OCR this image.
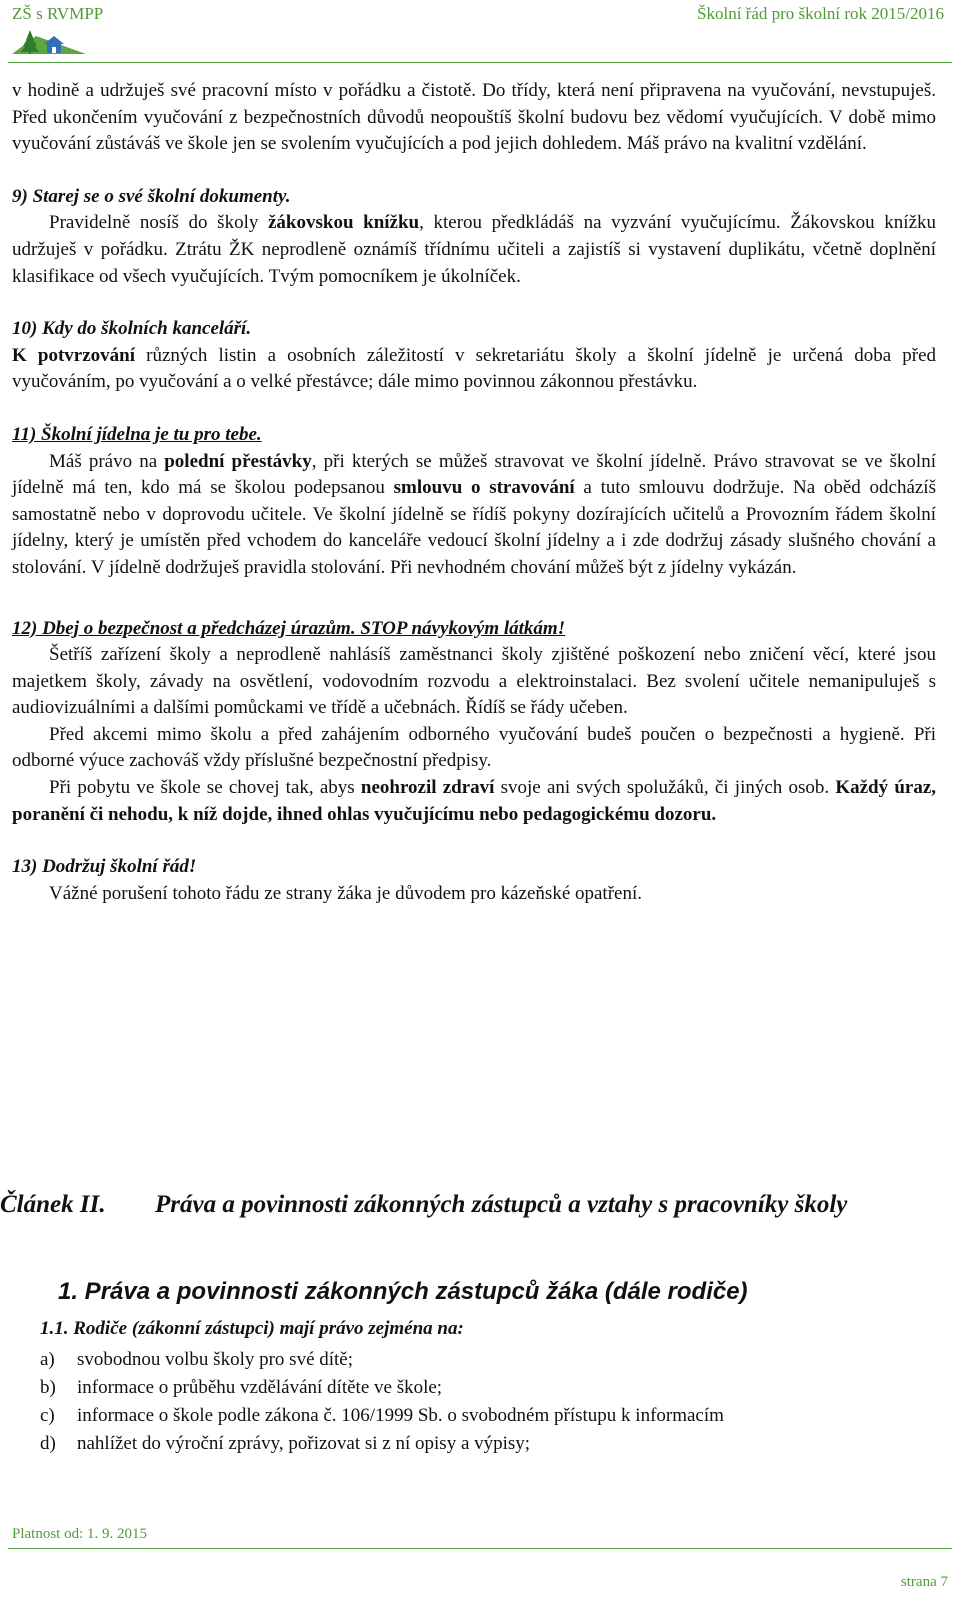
ZŠ s RVMPP	Školní řád pro školní rok 2015/2016

v hodině a udržuješ své pracovní místo v pořádku a čistotě. Do třídy, která není připravena na vyučování, nevstupuješ. Před ukončením vyučování z bezpečnostních důvodů neopouštíš školní budovu bez vědomí vyučujících. V době mimo vyučování zůstáváš ve škole jen se svolením vyučujících a pod jejich dohledem. Máš právo na kvalitní vzdělání.

9) Starej se o své školní dokumenty.

Pravidelně nosíš do školy žákovskou knížku, kterou předkládáš na vyzvání vyučujícímu. Žákovskou knížku udržuješ v pořádku. Ztrátu ŽK neprodleně oznámíš třídnímu učiteli a zajistíš si vystavení duplikátu, včetně doplnění klasifikace od všech vyučujících. Tvým pomocníkem je úkolníček.

10) Kdy do školních kanceláří.

K potvrzování různých listin a osobních záležitostí v sekretariátu školy a školní jídelně je určená doba před vyučováním, po vyučování a o velké přestávce; dále mimo povinnou zákonnou přestávku.

11) Školní jídelna je tu pro tebe.

Máš právo na polední přestávky, při kterých se můžeš stravovat ve školní jídelně. Právo stravovat se ve školní jídelně má ten, kdo má se školou podepsanou smlouvu o stravování a tuto smlouvu dodržuje. Na oběd odcházíš samostatně nebo v doprovodu učitele. Ve školní jídelně se řídíš pokyny dozírajících učitelů a Provozním řádem školní jídelny, který je umístěn před vchodem do kanceláře vedoucí školní jídelny a i zde dodržuj zásady slušného chování a stolování. V jídelně dodržuješ pravidla stolování. Při nevhodném chování můžeš být z jídelny vykázán.

12) Dbej o bezpečnost a předcházej úrazům. STOP návykovým látkám!

Šetříš zařízení školy a neprodleně nahlásíš zaměstnanci školy zjištěné poškození nebo zničení věcí, které jsou majetkem školy, závady na osvětlení, vodovodním rozvodu a elektroinstalaci. Bez svolení učitele nemanipuluješ s audiovizuálními a dalšími pomůckami ve třídě a učebnách. Řídíš se řády učeben.

Před akcemi mimo školu a před zahájením odborného vyučování budeš poučen o bezpečnosti a hygieně. Při odborné výuce zachováš vždy příslušné bezpečnostní předpisy.

Při pobytu ve škole se chovej tak, abys neohrozil zdraví svoje ani svých spolužáků, či jiných osob. Každý úraz, poranění či nehodu, k níž dojde, ihned ohlas vyučujícímu nebo pedagogickému dozoru.

13) Dodržuj školní řád!

Vážné porušení tohoto řádu ze strany žáka je důvodem pro kázeňské opatření.

Článek II. Práva a povinnosti zákonných zástupců a vztahy s pracovníky školy
1. Práva a povinnosti zákonných zástupců žáka (dále rodiče)
1.1. Rodiče (zákonní zástupci) mají právo zejména na:
a) svobodnou volbu školy pro své dítě;
b) informace o průběhu vzdělávání dítěte ve škole;
c) informace o škole podle zákona č. 106/1999 Sb. o svobodném přístupu k informacím
d) nahlížet do výroční zprávy, pořizovat si z ní opisy a výpisy;
Platnost od: 1. 9. 2015
strana 7
